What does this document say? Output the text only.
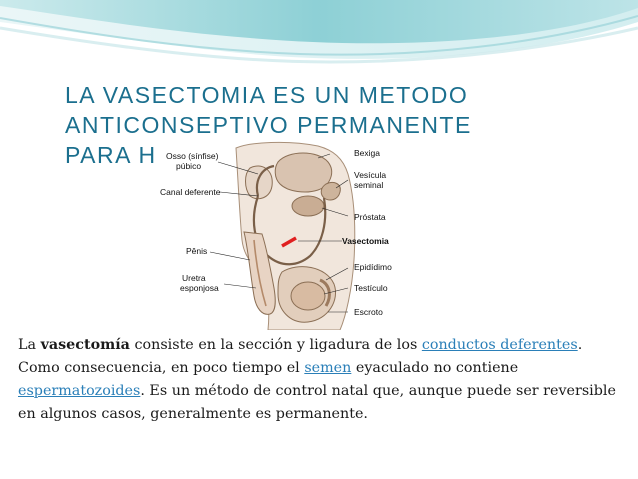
LA VASECTOMIA ES UN METODO
ANTICONSEPTIVO PERMANENTE
PARA H	Osso (sínfise)
púbico
Canal deferente
Pênis
Uretra
esponjosa
Bexiga
Vesícula
seminal
Próstata
Vasectomia
Epidídimo
Testículo
Escroto

La vasectomía consiste en la sección y ligadura de los conductos deferentes. Como consecuencia, en poco tiempo el semen eyaculado no contiene espermatozoides. Es un método de control natal que, aunque puede ser reversible en algunos casos, generalmente es permanente.
